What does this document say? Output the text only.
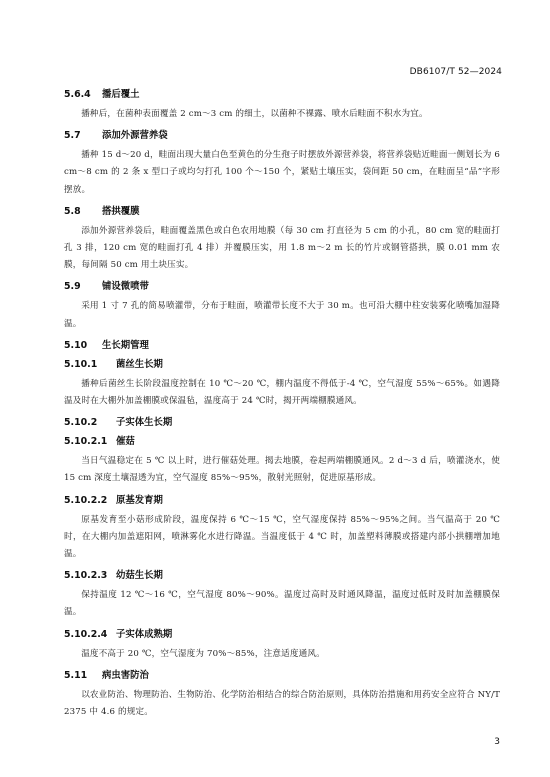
DB6107/T 52—2024
5.6.4 播后覆土
播种后，在菌种表面覆盖 2 cm～3 cm 的细土，以菌种不裸露、喷水后畦面不积水为宜。
5.7 添加外源营养袋
播种 15 d～20 d，畦面出现大量白色至黄色的分生孢子时摆放外源营养袋，将营养袋贴近畦面一侧划长为 6 cm～8 cm 的 2 条 x 型口子或均匀打孔 100 个～150 个，紧贴土壤压实，袋间距 50 cm，在畦面呈“品”字形摆放。
5.8 搭拱覆膜
添加外源营养袋后，畦面覆盖黑色或白色农用地膜（每 30 cm 打直径为 5 cm 的小孔，80 cm 宽的畦面打孔 3 排，120 cm 宽的畦面打孔 4 排）并覆膜压实，用 1.8 m～2 m 长的竹片或钢管搭拱，膜 0.01 mm 农膜，每间隔 50 cm 用土块压实。
5.9 铺设微喷带
采用 1 寸 7 孔的简易喷灌带，分布于畦面，喷灌带长度不大于 30 m。也可沿大棚中柱安装雾化喷嘴加湿降温。
5.10 生长期管理
5.10.1 菌丝生长期
播种后菌丝生长阶段温度控制在 10 ℃～20 ℃，棚内温度不得低于-4 ℃，空气湿度 55%～65%。如遇降温及时在大棚外加盖棚膜或保温毡，温度高于 24 ℃时，揭开两端棚膜通风。
5.10.2 子实体生长期
5.10.2.1 催菇
当日气温稳定在 5 ℃ 以上时，进行催菇处理。揭去地膜，卷起两端棚膜通风。2 d～3 d 后，喷灌浇水，使 15 cm 深度土壤湿透为宜，空气湿度 85%～95%，散射光照射，促进原基形成。
5.10.2.2 原基发育期
原基发育至小菇形成阶段，温度保持 6 ℃～15 ℃，空气湿度保持 85%～95%之间。当气温高于 20 ℃ 时，在大棚内加盖遮阳网，喷淋雾化水进行降温。当温度低于 4 ℃ 时，加盖塑料薄膜或搭建内部小拱棚增加地温。
5.10.2.3 幼菇生长期
保持温度 12 ℃～16 ℃，空气湿度 80%～90%。温度过高时及时通风降温，温度过低时及时加盖棚膜保温。
5.10.2.4 子实体成熟期
温度不高于 20 ℃，空气湿度为 70%～85%，注意适度通风。
5.11 病虫害防治
以农业防治、物理防治、生物防治、化学防治相结合的综合防治原则，具体防治措施和用药安全应符合 NY/T 2375 中 4.6 的规定。
3
